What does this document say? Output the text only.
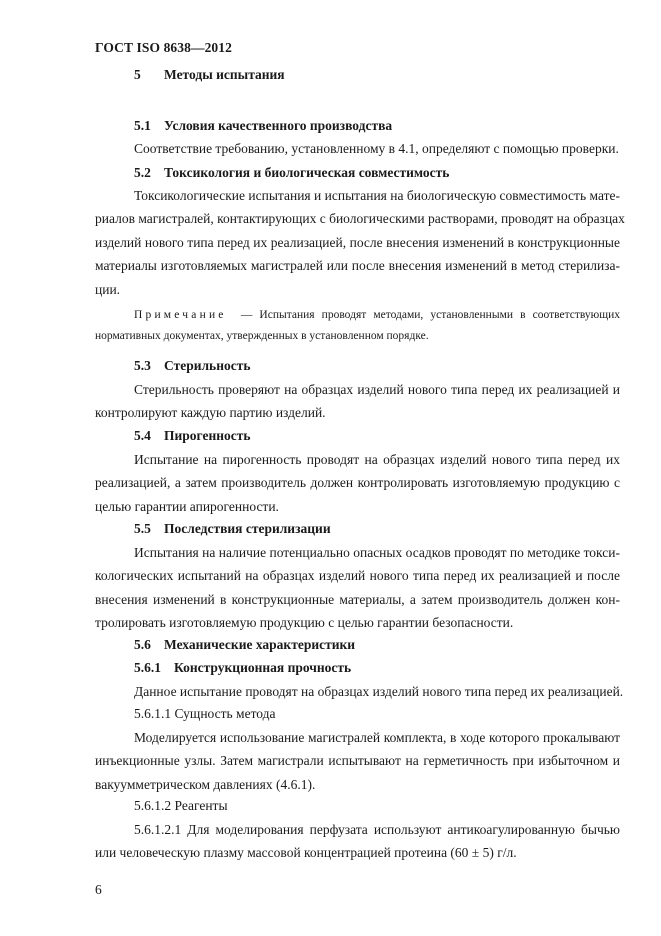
ГОСТ ISO 8638—2012
5 Методы испытания
5.1 Условия качественного производства
Соответствие требованию, установленному в 4.1, определяют с помощью проверки.
5.2 Токсикология и биологическая совместимость
Токсикологические испытания и испытания на биологическую совместимость мате-
риалов магистралей, контактирующих с биологическими растворами, проводят на образцах
изделий нового типа перед их реализацией, после внесения изменений в конструкционные
материалы изготовляемых магистралей или после внесения изменений в метод стерилиза-
ции.
Примечание — Испытания проводят методами, установленными в соответствующих
нормативных документах, утвержденных в установленном порядке.
5.3 Стерильность
Стерильность проверяют на образцах изделий нового типа перед их реализацией и
контролируют каждую партию изделий.
5.4 Пирогенность
Испытание на пирогенность проводят на образцах изделий нового типа перед их
реализацией, а затем производитель должен контролировать изготовляемую продукцию с
целью гарантии апирогенности.
5.5 Последствия стерилизации
Испытания на наличие потенциально опасных осадков проводят по методике токси-
кологических испытаний на образцах изделий нового типа перед их реализацией и после
внесения изменений в конструкционные материалы, а затем производитель должен кон-
тролировать изготовляемую продукцию с целью гарантии безопасности.
5.6 Механические характеристики
5.6.1 Конструкционная прочность
Данное испытание проводят на образцах изделий нового типа перед их реализацией.
5.6.1.1 Сущность метода
Моделируется использование магистралей комплекта, в ходе которого прокалывают
инъекционные узлы. Затем магистрали испытывают на герметичность при избыточном и
вакуумметрическом давлениях (4.6.1).
5.6.1.2 Реагенты
5.6.1.2.1 Для моделирования перфузата используют антикоагулированную бычью
или человеческую плазму массовой концентрацией протеина (60 ± 5) г/л.
6
